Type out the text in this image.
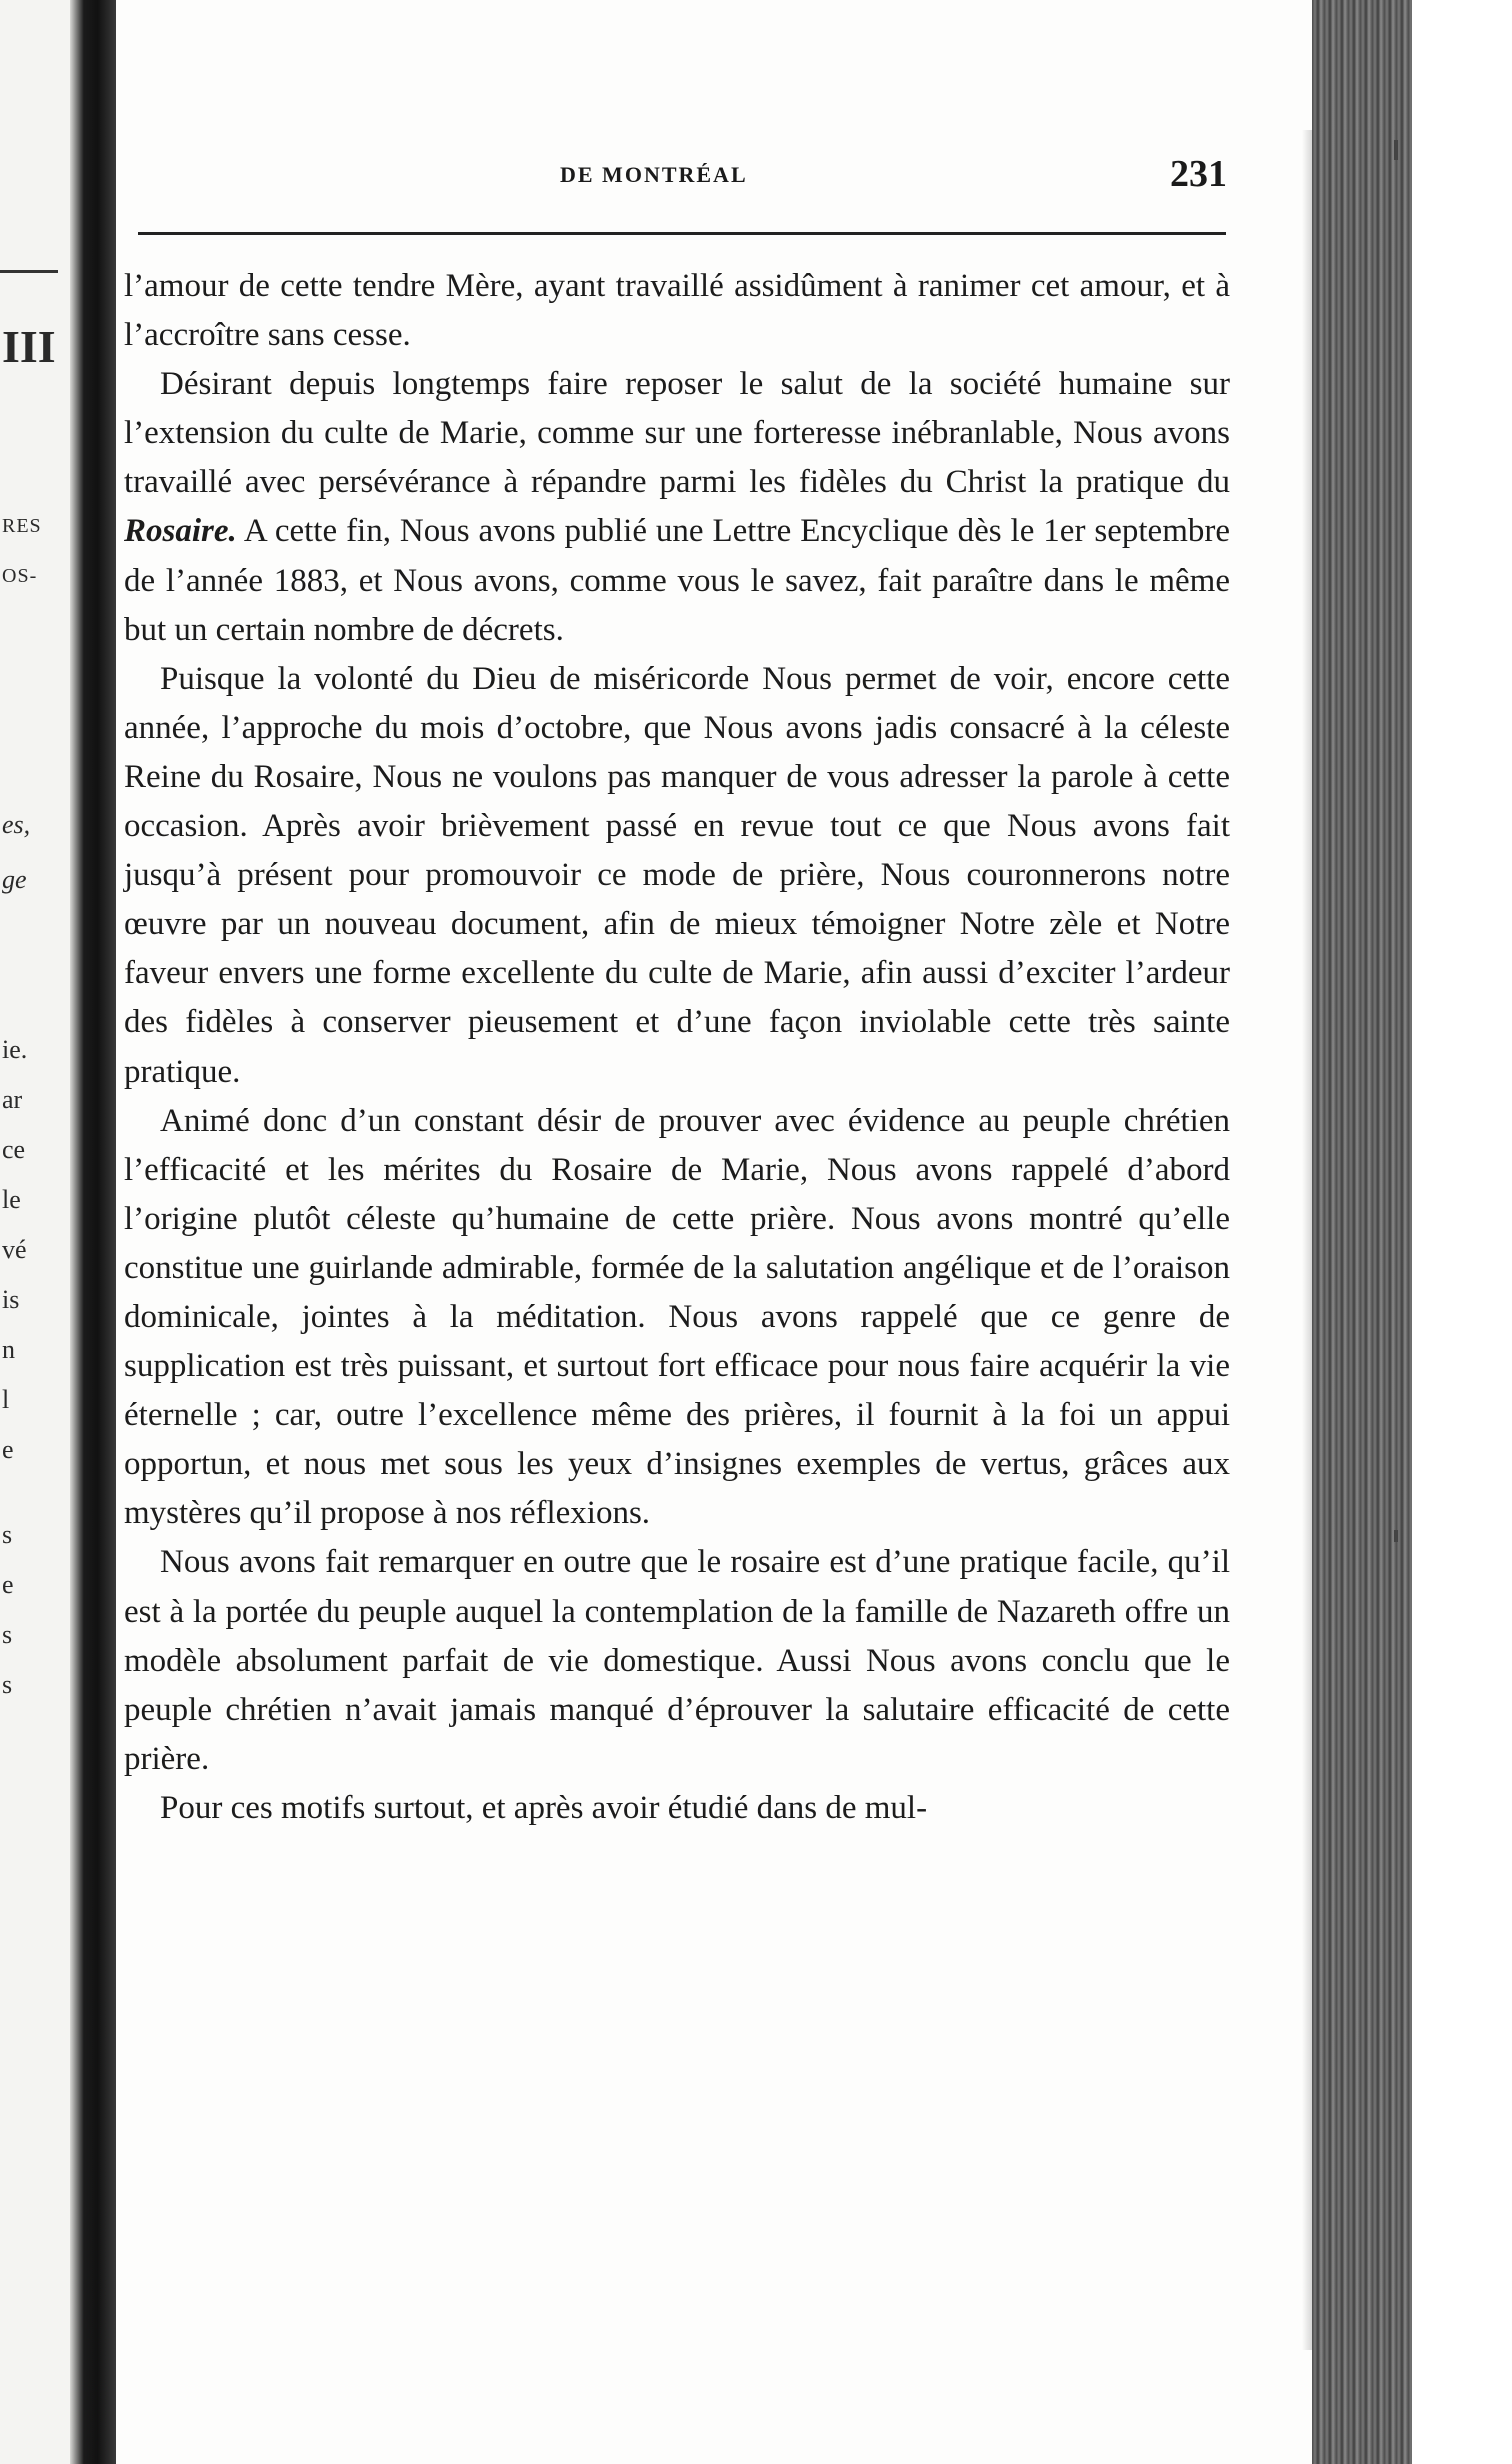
III
RES
OS-
es,
ge
ie.
ar
ce
le
vé
is
n
l
e
s
e
s
s
DE MONTRÉAL	231

l’amour de cette tendre Mère, ayant travaillé assidûment à ranimer cet amour, et à l’accroître sans cesse.

Désirant depuis longtemps faire reposer le salut de la société humaine sur l’extension du culte de Marie, comme sur une forteresse inébranlable, Nous avons travaillé avec persévérance à répandre parmi les fidèles du Christ la pratique du Rosaire. A cette fin, Nous avons publié une Lettre Encyclique dès le 1er septembre de l’année 1883, et Nous avons, comme vous le savez, fait paraître dans le même but un certain nombre de décrets.

Puisque la volonté du Dieu de miséricorde Nous permet de voir, encore cette année, l’approche du mois d’octobre, que Nous avons jadis consacré à la céleste Reine du Rosaire, Nous ne voulons pas manquer de vous adresser la parole à cette occasion. Après avoir brièvement passé en revue tout ce que Nous avons fait jusqu’à présent pour promouvoir ce mode de prière, Nous couronnerons notre œuvre par un nouveau document, afin de mieux témoigner Notre zèle et Notre faveur envers une forme excellente du culte de Marie, afin aussi d’exciter l’ardeur des fidèles à conserver pieusement et d’une façon inviolable cette très sainte pratique.

Animé donc d’un constant désir de prouver avec évidence au peuple chrétien l’efficacité et les mérites du Rosaire de Marie, Nous avons rappelé d’abord l’origine plutôt céleste qu’humaine de cette prière. Nous avons montré qu’elle constitue une guirlande admirable, formée de la salutation angélique et de l’oraison dominicale, jointes à la méditation. Nous avons rappelé que ce genre de supplication est très puissant, et surtout fort efficace pour nous faire acquérir la vie éternelle ; car, outre l’excellence même des prières, il fournit à la foi un appui opportun, et nous met sous les yeux d’insignes exemples de vertus, grâces aux mystères qu’il propose à nos réflexions.

Nous avons fait remarquer en outre que le rosaire est d’une pratique facile, qu’il est à la portée du peuple auquel la contemplation de la famille de Nazareth offre un modèle absolument parfait de vie domestique. Aussi Nous avons conclu que le peuple chrétien n’avait jamais manqué d’éprouver la salutaire efficacité de cette prière.

Pour ces motifs surtout, et après avoir étudié dans de mul-
